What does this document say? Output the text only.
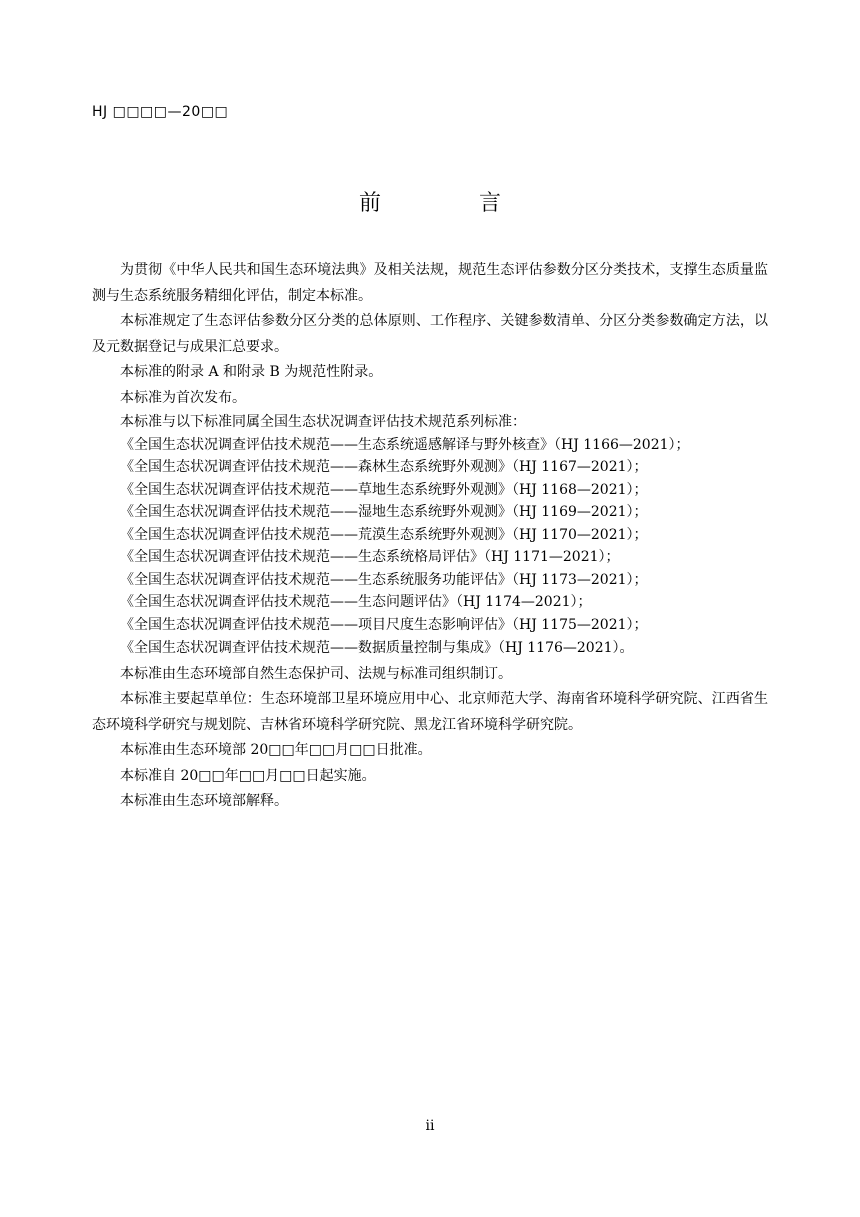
HJ □□□□—20□□
前　言

为贯彻《中华人民共和国生态环境法典》及相关法规，规范生态评估参数分区分类技术，支撑生态质量监测与生态系统服务精细化评估，制定本标准。

本标准规定了生态评估参数分区分类的总体原则、工作程序、关键参数清单、分区分类参数确定方法，以及元数据登记与成果汇总要求。

本标准的附录 A 和附录 B 为规范性附录。

本标准为首次发布。

本标准与以下标准同属全国生态状况调查评估技术规范系列标准：

《全国生态状况调查评估技术规范——生态系统遥感解译与野外核查》（HJ 1166—2021）；

《全国生态状况调查评估技术规范——森林生态系统野外观测》（HJ 1167—2021）；

《全国生态状况调查评估技术规范——草地生态系统野外观测》（HJ 1168—2021）；

《全国生态状况调查评估技术规范——湿地生态系统野外观测》（HJ 1169—2021）；

《全国生态状况调查评估技术规范——荒漠生态系统野外观测》（HJ 1170—2021）；

《全国生态状况调查评估技术规范——生态系统格局评估》（HJ 1171—2021）；

《全国生态状况调查评估技术规范——生态系统服务功能评估》（HJ 1173—2021）；

《全国生态状况调查评估技术规范——生态问题评估》（HJ 1174—2021）；

《全国生态状况调查评估技术规范——项目尺度生态影响评估》（HJ 1175—2021）；

《全国生态状况调查评估技术规范——数据质量控制与集成》（HJ 1176—2021）。

本标准由生态环境部自然生态保护司、法规与标准司组织制订。

本标准主要起草单位：生态环境部卫星环境应用中心、北京师范大学、海南省环境科学研究院、江西省生态环境科学研究与规划院、吉林省环境科学研究院、黑龙江省环境科学研究院。

本标准由生态环境部 20□□年□□月□□日批准。

本标准自 20□□年□□月□□日起实施。

本标准由生态环境部解释。

ii
